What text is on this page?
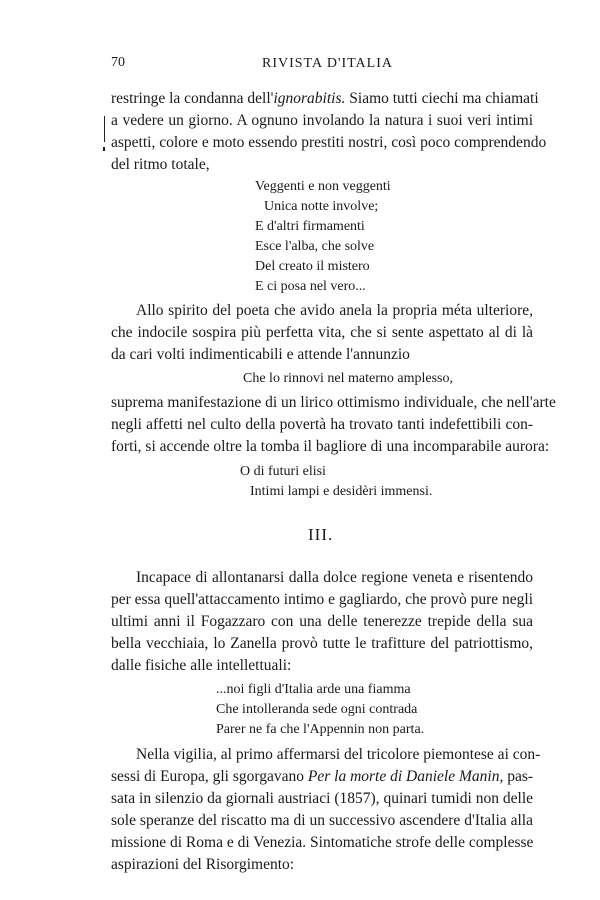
70	RIVISTA D'ITALIA
restringe la condanna dell'ignorabitis. Siamo tutti ciechi ma chiamati
a vedere un giorno. A ognuno involando la natura i suoi veri intimi
aspetti, colore e moto essendo prestiti nostri, così poco comprendendo
del ritmo totale,
Veggenti e non veggenti
Unica notte involve;
E d'altri firmamenti
Esce l'alba, che solve
Del creato il mistero
E ci posa nel vero...
Allo spirito del poeta che avido anela la propria méta ulteriore,
che indocile sospira più perfetta vita, che si sente aspettato al di là
da cari volti indimenticabili e attende l'annunzio
Che lo rinnovi nel materno amplesso,
suprema manifestazione di un lirico ottimismo individuale, che nell'arte
negli affetti nel culto della povertà ha trovato tanti indefettibili con-
forti, si accende oltre la tomba il bagliore di una incomparabile aurora:
O di futuri elisi
Intimi lampi e desidèri immensi.
III.
Incapace di allontanarsi dalla dolce regione veneta e risentendo
per essa quell'attaccamento intimo e gagliardo, che provò pure negli
ultimi anni il Fogazzaro con una delle tenerezze trepide della sua
bella vecchiaia, lo Zanella provò tutte le trafitture del patriottismo,
dalle fisiche alle intellettuali:
...noi figli d'Italia arde una fiamma
Che intolleranda sede ogni contrada
Parer ne fa che l'Appennin non parta.
Nella vigilia, al primo affermarsi del tricolore piemontese ai con-
sessi di Europa, gli sgorgavano Per la morte di Daniele Manin, pas-
sata in silenzio da giornali austriaci (1857), quinari tumidi non delle
sole speranze del riscatto ma di un successivo ascendere d'Italia alla
missione di Roma e di Venezia. Sintomatiche strofe delle complesse
aspirazioni del Risorgimento:
